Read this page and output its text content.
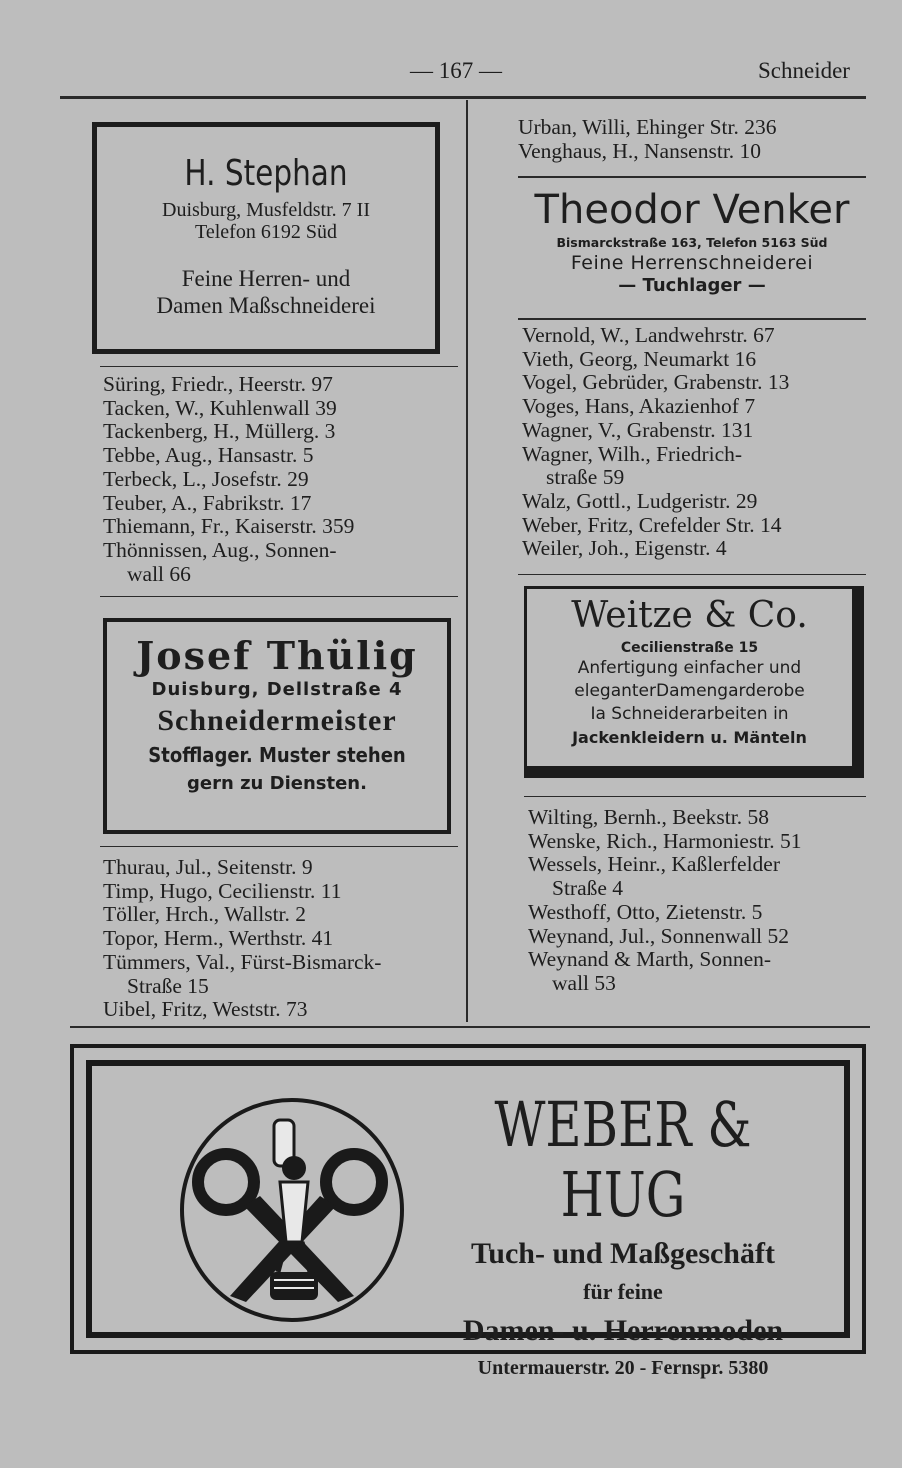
— 167 —	Schneider
H. Stephan
Duisburg, Musfeldstr. 7 II
Telefon 6192 Süd
Feine Herren- und
Damen Maßschneiderei
Süring, Friedr., Heerstr. 97
Tacken, W., Kuhlenwall 39
Tackenberg, H., Müllerg. 3
Tebbe, Aug., Hansastr. 5
Terbeck, L., Josefstr. 29
Teuber, A., Fabrikstr. 17
Thiemann, Fr., Kaiserstr. 359
Thönnissen, Aug., Sonnen-
wall 66
Josef Thülig
Duisburg, Dellstraße 4
Schneidermeister
Stofflager. Muster stehen
gern zu Diensten.
Thurau, Jul., Seitenstr. 9
Timp, Hugo, Cecilienstr. 11
Töller, Hrch., Wallstr. 2
Topor, Herm., Werthstr. 41
Tümmers, Val., Fürst-Bismarck-
Straße 15
Uibel, Fritz, Weststr. 73
Urban, Willi, Ehinger Str. 236
Venghaus, H., Nansenstr. 10
Theodor Venker
Bismarckstraße 163, Telefon 5163 Süd
Feine Herrenschneiderei
— Tuchlager —
Vernold, W., Landwehrstr. 67
Vieth, Georg, Neumarkt 16
Vogel, Gebrüder, Grabenstr. 13
Voges, Hans, Akazienhof 7
Wagner, V., Grabenstr. 131
Wagner, Wilh., Friedrich-
straße 59
Walz, Gottl., Ludgeristr. 29
Weber, Fritz, Crefelder Str. 14
Weiler, Joh., Eigenstr. 4
Weitze & Co.
Cecilienstraße 15
Anfertigung einfacher und
eleganterDamengarderobe
Ia Schneiderarbeiten in
Jackenkleidern u. Mänteln
Wilting, Bernh., Beekstr. 58
Wenske, Rich., Harmoniestr. 51
Wessels, Heinr., Kaßlerfelder
Straße 4
Westhoff, Otto, Zietenstr. 5
Weynand, Jul., Sonnenwall 52
Weynand & Marth, Sonnen-
wall 53
WEBER & HUG
Tuch- und Maßgeschäft
für feine
Damen- u. Herrenmoden
Untermauerstr. 20 - Fernspr. 5380
